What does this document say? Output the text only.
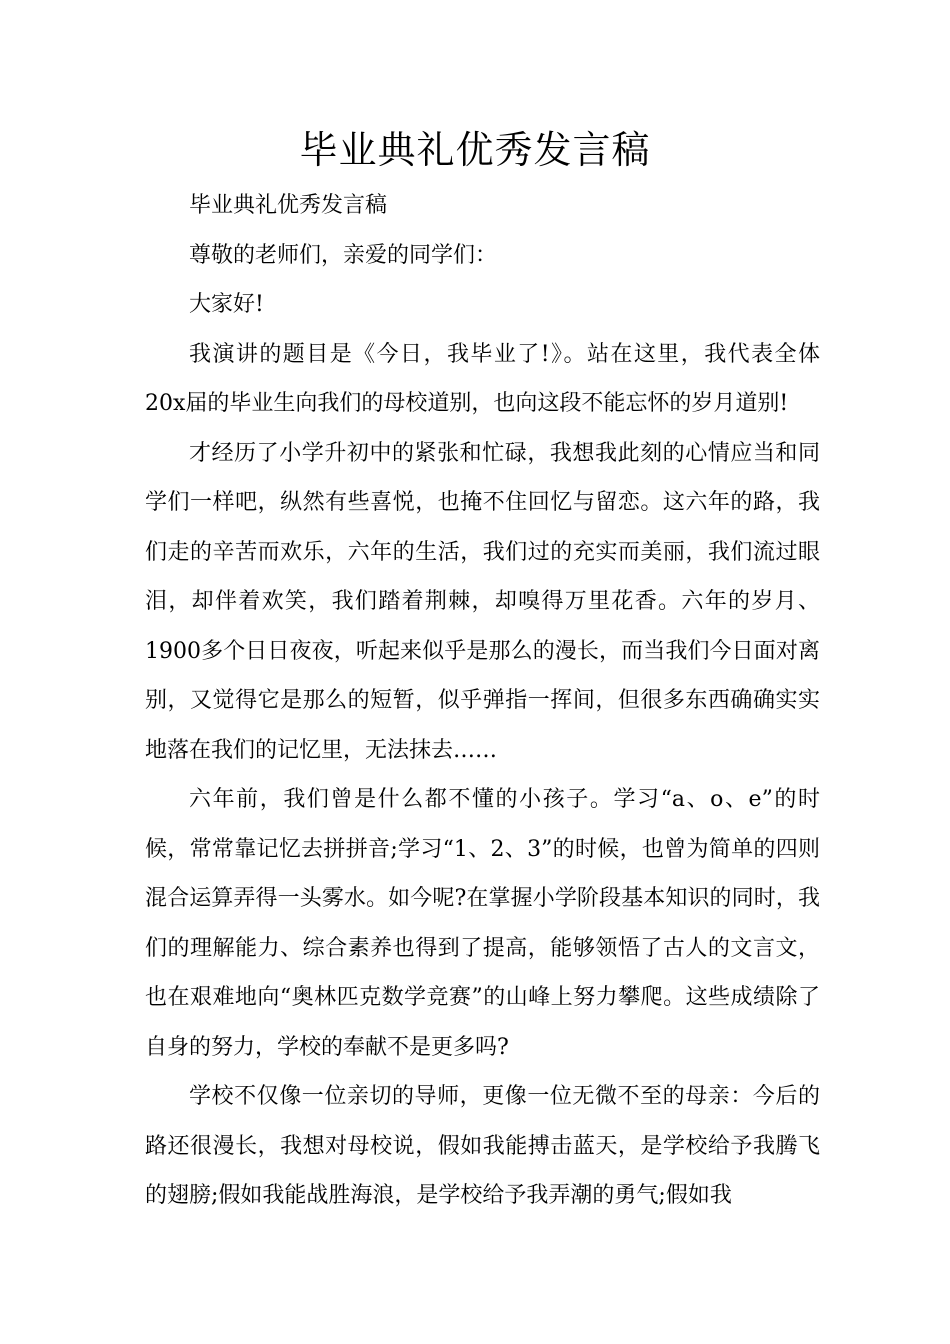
毕业典礼优秀发言稿

毕业典礼优秀发言稿

尊敬的老师们，亲爱的同学们：

大家好!

我演讲的题目是《今日，我毕业了!》。站在这里，我代表全体20x届的毕业生向我们的母校道别，也向这段不能忘怀的岁月道别!

才经历了小学升初中的紧张和忙碌，我想我此刻的心情应当和同学们一样吧，纵然有些喜悦，也掩不住回忆与留恋。这六年的路，我们走的辛苦而欢乐，六年的生活，我们过的充实而美丽，我们流过眼泪，却伴着欢笑，我们踏着荆棘，却嗅得万里花香。六年的岁月、1900多个日日夜夜，听起来似乎是那么的漫长，而当我们今日面对离别，又觉得它是那么的短暂，似乎弹指一挥间，但很多东西确确实实地落在我们的记忆里，无法抹去……

六年前，我们曾是什么都不懂的小孩子。学习“a、o、e”的时候，常常靠记忆去拼拼音;学习“1、2、3”的时候，也曾为简单的四则混合运算弄得一头雾水。如今呢?在掌握小学阶段基本知识的同时，我们的理解能力、综合素养也得到了提高，能够领悟了古人的文言文，也在艰难地向“奥林匹克数学竞赛”的山峰上努力攀爬。这些成绩除了自身的努力，学校的奉献不是更多吗?

学校不仅像一位亲切的导师，更像一位无微不至的母亲：今后的路还很漫长，我想对母校说，假如我能搏击蓝天，是学校给予我腾飞的翅膀;假如我能战胜海浪，是学校给予我弄潮的勇气;假如我
